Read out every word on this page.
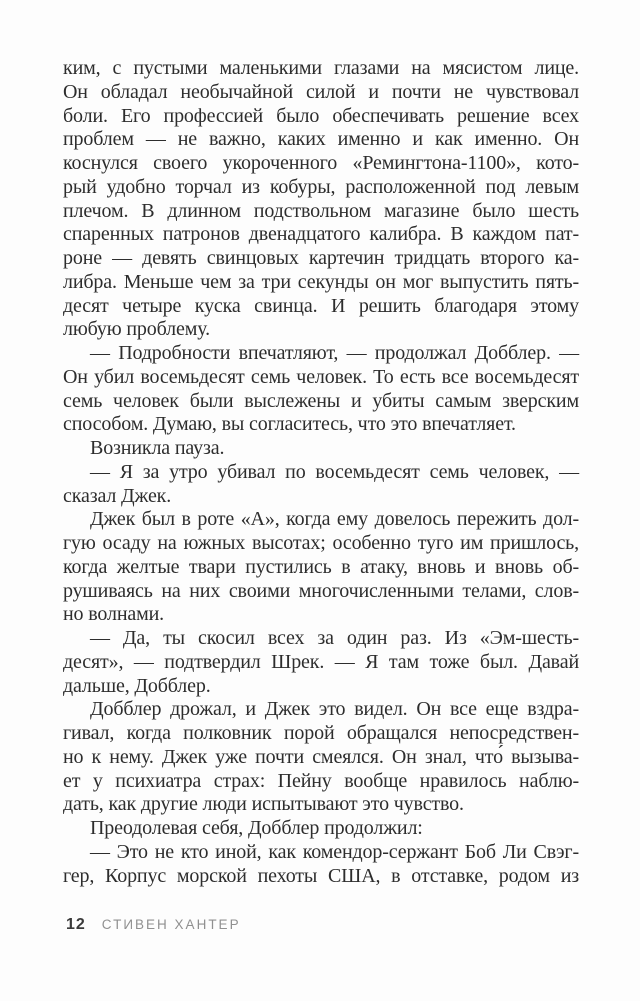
ким, с пустыми маленькими глазами на мясистом лице.
Он обладал необычайной силой и почти не чувствовал
боли. Его профессией было обеспечивать решение всех
проблем — не важно, каких именно и как именно. Он
коснулся своего укороченного «Ремингтона-1100», кото-
рый удобно торчал из кобуры, расположенной под левым
плечом. В длинном подствольном магазине было шесть
спаренных патронов двенадцатого калибра. В каждом пат-
роне — девять свинцовых картечин тридцать второго ка-
либра. Меньше чем за три секунды он мог выпустить пять-
десят четыре куска свинца. И решить благодаря этому
любую проблему.

— Подробности впечатляют, — продолжал Добблер. —
Он убил восемьдесят семь человек. То есть все восемьдесят
семь человек были выслежены и убиты самым зверским
способом. Думаю, вы согласитесь, что это впечатляет.

Возникла пауза.

— Я за утро убивал по восемьдесят семь человек, —
сказал Джек.

Джек был в роте «А», когда ему довелось пережить дол-
гую осаду на южных высотах; особенно туго им пришлось,
когда желтые твари пустились в атаку, вновь и вновь об-
рушиваясь на них своими многочисленными телами, слов-
но волнами.

— Да, ты скосил всех за один раз. Из «Эм-шесть-
десят», — подтвердил Шрек. — Я там тоже был. Давай
дальше, Добблер.

Добблер дрожал, и Джек это видел. Он все еще вздра-
гивал, когда полковник порой обращался непосредствен-
но к нему. Джек уже почти смеялся. Он знал, что́ вызыва-
ет у психиатра страх: Пейну вообще нравилось наблю-
дать, как другие люди испытывают это чувство.

Преодолевая себя, Добблер продолжил:

— Это не кто иной, как комендор-сержант Боб Ли Свэг-
гер, Корпус морской пехоты США, в отставке, родом из

12 СТИВЕН ХАНТЕР
